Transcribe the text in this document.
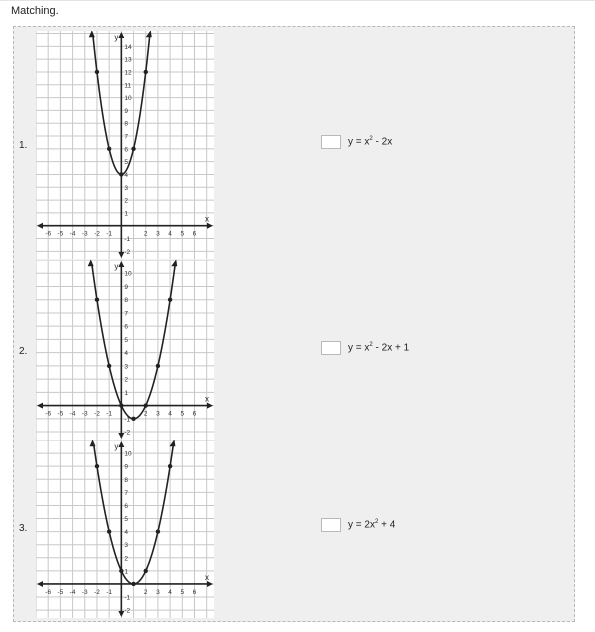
Matching.
1.
x
y
-6 -5 -4 -3 -2 -1	2 3 4 5 6
-2
-1
1
2
3
4
5
6
7
8
9
10
11
12
13
14
$y = x^2 - 2x$
2.
x
y
-6 -5 -4 -3 -2 -1	2 3 4 5 6
-2
-1
1
2
3
4
5
6
7
8
9
10
$y = x^2 - 2x + 1$
3.
x
y
-6 -5 -4 -3 -2 -1	2 3 4 5 6
-2
-1
1
2
3
4
5
6
7
8
9
10
$y = 2x^2 + 4$
